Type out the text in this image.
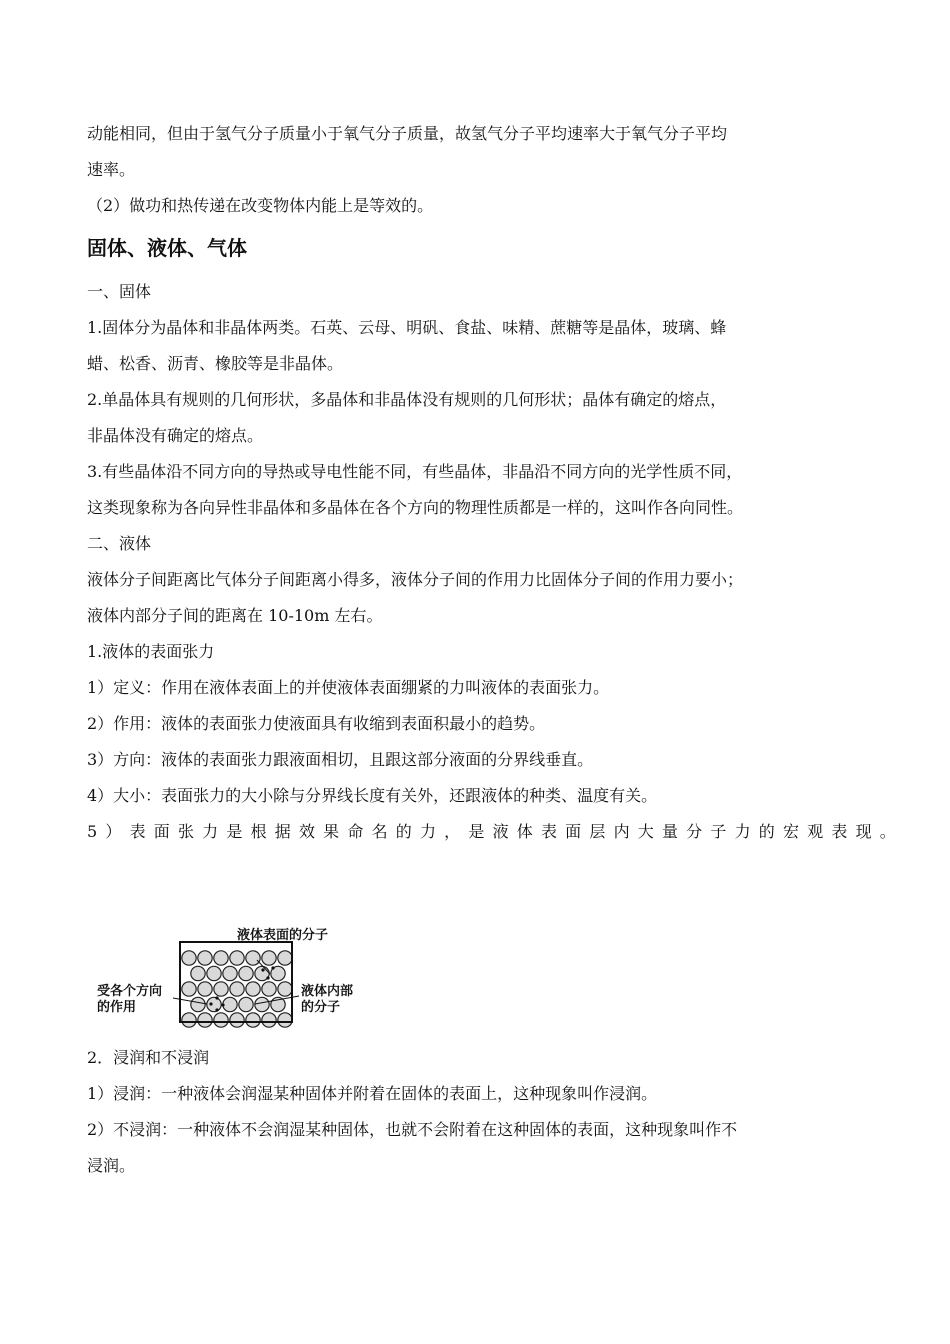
动能相同，但由于氢气分子质量小于氧气分子质量，故氢气分子平均速率大于氧气分子平均

速率。

（2）做功和热传递在改变物体内能上是等效的。

固体、液体、气体

一、固体

1.固体分为晶体和非晶体两类。石英、云母、明矾、食盐、味精、蔗糖等是晶体，玻璃、蜂

蜡、松香、沥青、橡胶等是非晶体。

2.单晶体具有规则的几何形状，多晶体和非晶体没有规则的几何形状；晶体有确定的熔点，

非晶体没有确定的熔点。

3.有些晶体沿不同方向的导热或导电性能不同，有些晶体，非晶沿不同方向的光学性质不同，

这类现象称为各向异性非晶体和多晶体在各个方向的物理性质都是一样的，这叫作各向同性。

二、液体

液体分子间距离比气体分子间距离小得多，液体分子间的作用力比固体分子间的作用力要小；

液体内部分子间的距离在 10-10m 左右。

1.液体的表面张力

1）定义：作用在液体表面上的并使液体表面绷紧的力叫液体的表面张力。

2）作用：液体的表面张力使液面具有收缩到表面积最小的趋势。

3）方向：液体的表面张力跟液面相切，且跟这部分液面的分界线垂直。

4）大小：表面张力的大小除与分界线长度有关外，还跟液体的种类、温度有关。

5）表面张力是根据效果命名的力，是液体表面层内大量分子力的宏观表现。

液体表面的分子
受各个方向
的作用
液体内部
的分子

2．浸润和不浸润

1）浸润：一种液体会润湿某种固体并附着在固体的表面上，这种现象叫作浸润。

2）不浸润：一种液体不会润湿某种固体，也就不会附着在这种固体的表面，这种现象叫作不

浸润。
